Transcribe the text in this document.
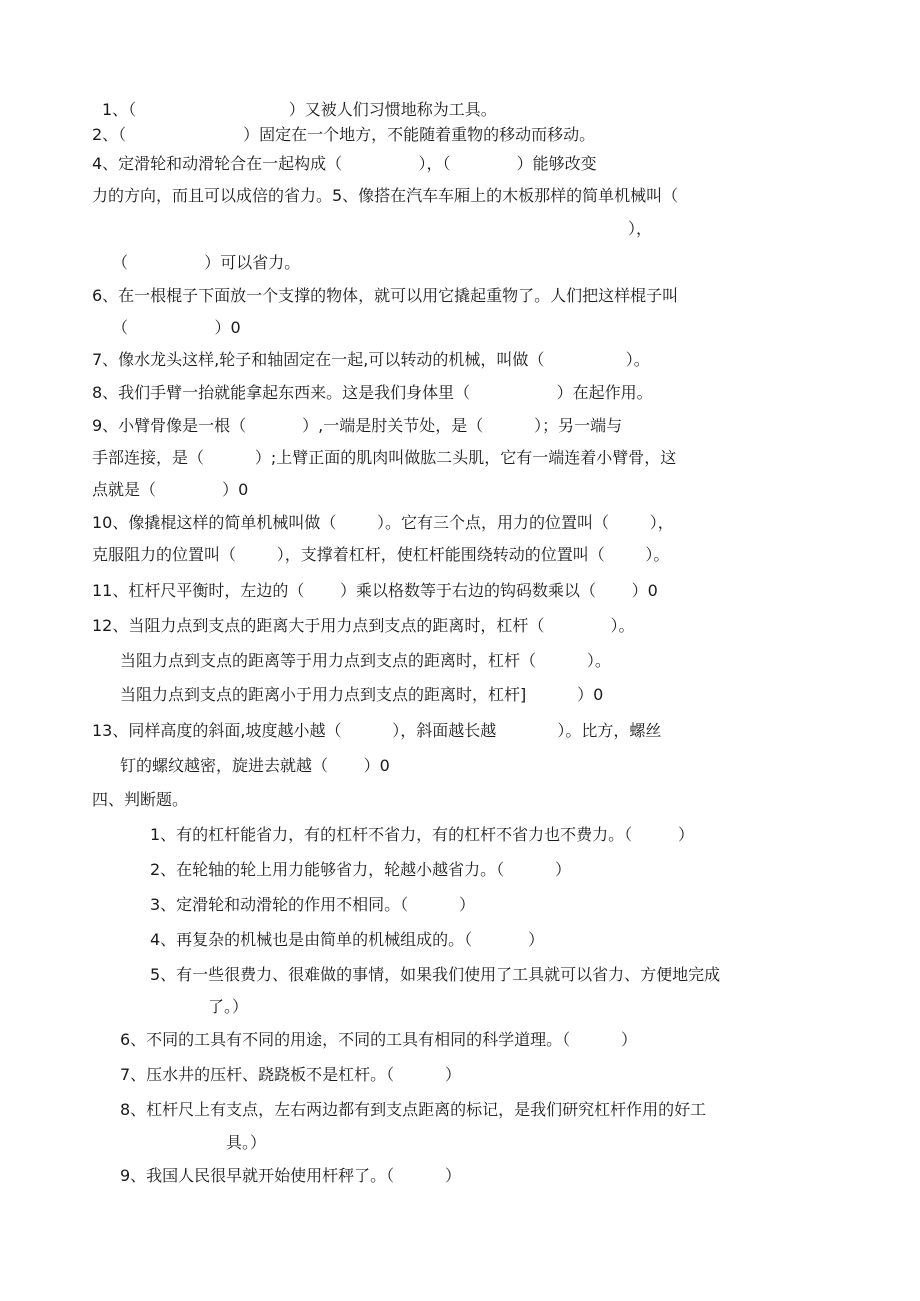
1、（                              ）又被人们习惯地称为工具。
2、（                       ）固定在一个地方，不能随着重物的移动而移动。
4、定滑轮和动滑轮合在一起构成（               ），（             ）能够改变
力的方向，而且可以成倍的省力。5、像搭在汽车车厢上的木板那样的简单机械叫（
），
（               ）可以省力。
6、在一根棍子下面放一个支撑的物体，就可以用它撬起重物了。人们把这样棍子叫
（                 ）0
7、像水龙头这样,轮子和轴固定在一起,可以转动的机械，叫做（                ）。
8、我们手臂一抬就能拿起东西来。这是我们身体里（                 ）在起作用。
9、小臂骨像是一根（           ）,一端是肘关节处，是（          ）；另一端与
手部连接，是（          ）;上臂正面的肌肉叫做肱二头肌，它有一端连着小臂骨，这
点就是（             ）0
10、像撬棍这样的简单机械叫做（        ）。它有三个点，用力的位置叫（        ），
克服阻力的位置叫（        ），支撑着杠杆，使杠杆能围绕转动的位置叫（        ）。
11、杠杆尺平衡时，左边的（       ）乘以格数等于右边的钩码数乘以（       ）0
12、当阻力点到支点的距离大于用力点到支点的距离时，杠杆（             ）。
当阻力点到支点的距离等于用力点到支点的距离时，杠杆（          ）。
当阻力点到支点的距离小于用力点到支点的距离时，杠杆]          ）0
13、同样高度的斜面,坡度越小越（          ），斜面越长越            ）。比方，螺丝
钉的螺纹越密，旋进去就越（       ）0
四、判断题。
1、有的杠杆能省力，有的杠杆不省力，有的杠杆不省力也不费力。（         ）
2、在轮轴的轮上用力能够省力，轮越小越省力。（          ）
3、定滑轮和动滑轮的作用不相同。（          ）
4、再复杂的机械也是由简单的机械组成的。（           ）
5、有一些很费力、很难做的事情，如果我们使用了工具就可以省力、方便地完成
了。）
6、不同的工具有不同的用途，不同的工具有相同的科学道理。（          ）
7、压水井的压杆、跷跷板不是杠杆。（          ）
8、杠杆尺上有支点，左右两边都有到支点距离的标记，是我们研究杠杆作用的好工
具。）
9、我国人民很早就开始使用杆秤了。（          ）
